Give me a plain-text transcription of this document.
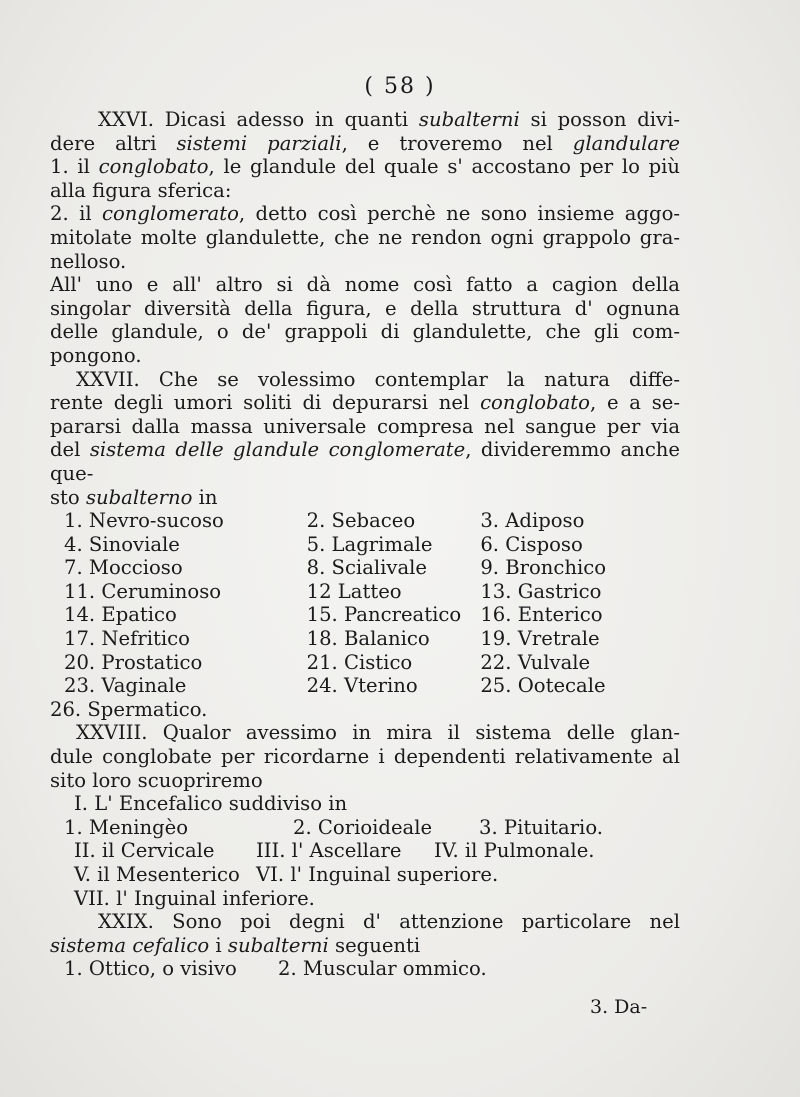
( 58 )

XXVI. Dicasi adesso in quanti subalterni si posson divi-

dere altri sistemi parziali, e troveremo nel glandulare

1. il conglobato, le glandule del quale s' accostano per lo più

alla figura sferica:

2. il conglomerato, detto così perchè ne sono insieme aggo-

mitolate molte glandulette, che ne rendon ogni grappolo gra-

nelloso.

All' uno e all' altro si dà nome così fatto a cagion della

singolar diversità della figura, e della struttura d' ognuna

delle glandule, o de' grappoli di glandulette, che gli com-

pongono.

XXVII. Che se volessimo contemplar la natura diffe-

rente degli umori soliti di depurarsi nel conglobato, e a se-

pararsi dalla massa universale compresa nel sangue per via

del sistema delle glandule conglomerate, divideremmo anche que-

sto subalterno in

1. Nevro-sucoso	2. Sebaceo	3. Adiposo
4. Sinoviale	5. Lagrimale	6. Cisposo
7. Moccioso	8. Scialivale	9. Bronchico
11. Ceruminoso	12 Latteo	13. Gastrico
14. Epatico	15. Pancreatico 16. Enterico
17. Nefritico	18. Balanico	19. Vretrale
20. Prostatico	21. Cistico	22. Vulvale
23. Vaginale	24. Vterino	25. Ootecale

26. Spermatico.

XXVIII. Qualor avessimo in mira il sistema delle glan-

dule conglobate per ricordarne i dependenti relativamente al

sito loro scuopriremo

I. L' Encefalico suddiviso in

1. Meningèo	2. Corioideale	3. Pituitario.
II. il Cervicale	III. l' Ascellare	IV. il Pulmonale.
V. il Mesenterico VI. l' Inguinal superiore.

VII. l' Inguinal inferiore.

XXIX. Sono poi degni d' attenzione particolare nel

sistema cefalico i subalterni seguenti

1. Ottico, o visivo	2. Muscular ommico.
3. Da-
